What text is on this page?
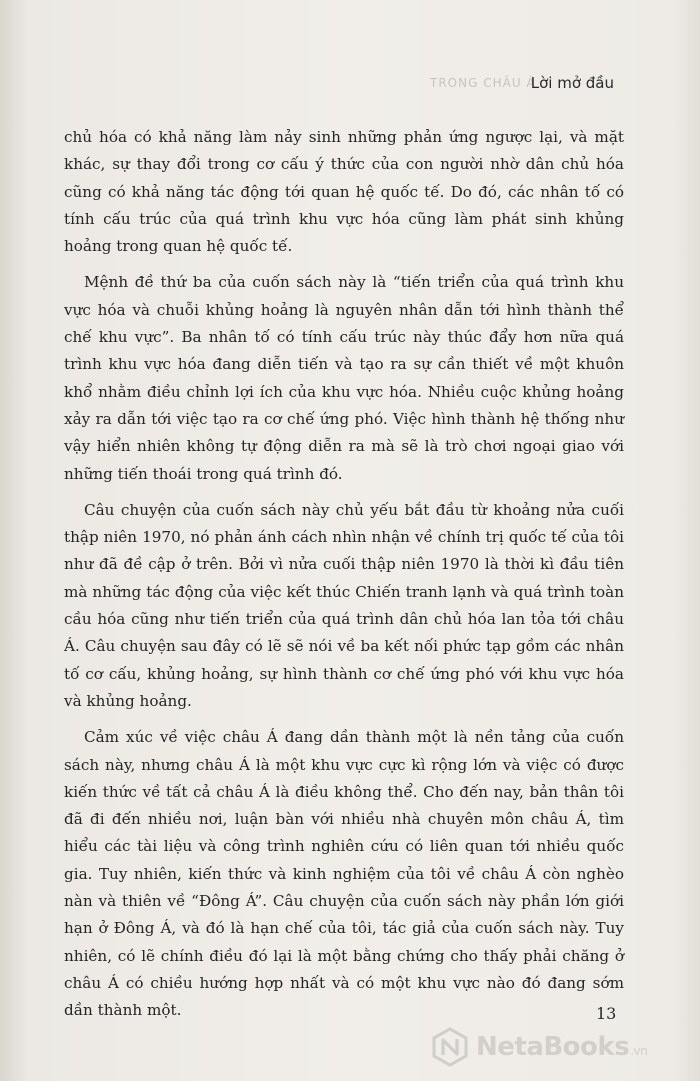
TRONG CHÂU Á
Lời mở đầu

chủ hóa có khả năng làm nảy sinh những phản ứng ngược lại, và mặt khác, sự thay đổi trong cơ cấu ý thức của con người nhờ dân chủ hóa cũng có khả năng tác động tới quan hệ quốc tế. Do đó, các nhân tố có tính cấu trúc của quá trình khu vực hóa cũng làm phát sinh khủng hoảng trong quan hệ quốc tế.

Mệnh đề thứ ba của cuốn sách này là “tiến triển của quá trình khu vực hóa và chuỗi khủng hoảng là nguyên nhân dẫn tới hình thành thể chế khu vực”. Ba nhân tố có tính cấu trúc này thúc đẩy hơn nữa quá trình khu vực hóa đang diễn tiến và tạo ra sự cần thiết về một khuôn khổ nhằm điều chỉnh lợi ích của khu vực hóa. Nhiều cuộc khủng hoảng xảy ra dẫn tới việc tạo ra cơ chế ứng phó. Việc hình thành hệ thống như vậy hiển nhiên không tự động diễn ra mà sẽ là trò chơi ngoại giao với những tiến thoái trong quá trình đó.

Câu chuyện của cuốn sách này chủ yếu bắt đầu từ khoảng nửa cuối thập niên 1970, nó phản ánh cách nhìn nhận về chính trị quốc tế của tôi như đã đề cập ở trên. Bởi vì nửa cuối thập niên 1970 là thời kì đầu tiên mà những tác động của việc kết thúc Chiến tranh lạnh và quá trình toàn cầu hóa cũng như tiến triển của quá trình dân chủ hóa lan tỏa tới châu Á. Câu chuyện sau đây có lẽ sẽ nói về ba kết nối phức tạp gồm các nhân tố cơ cấu, khủng hoảng, sự hình thành cơ chế ứng phó với khu vực hóa và khủng hoảng.

Cảm xúc về việc châu Á đang dần thành một là nền tảng của cuốn sách này, nhưng châu Á là một khu vực cực kì rộng lớn và việc có được kiến thức về tất cả châu Á là điều không thể. Cho đến nay, bản thân tôi đã đi đến nhiều nơi, luận bàn với nhiều nhà chuyên môn châu Á, tìm hiểu các tài liệu và công trình nghiên cứu có liên quan tới nhiều quốc gia. Tuy nhiên, kiến thức và kinh nghiệm của tôi về châu Á còn nghèo nàn và thiên về “Đông Á”. Câu chuyện của cuốn sách này phần lớn giới hạn ở Đông Á, và đó là hạn chế của tôi, tác giả của cuốn sách này. Tuy nhiên, có lẽ chính điều đó lại là một bằng chứng cho thấy phải chăng ở châu Á có chiều hướng hợp nhất và có một khu vực nào đó đang sớm dần thành một.	13
NetaBooks.vn
